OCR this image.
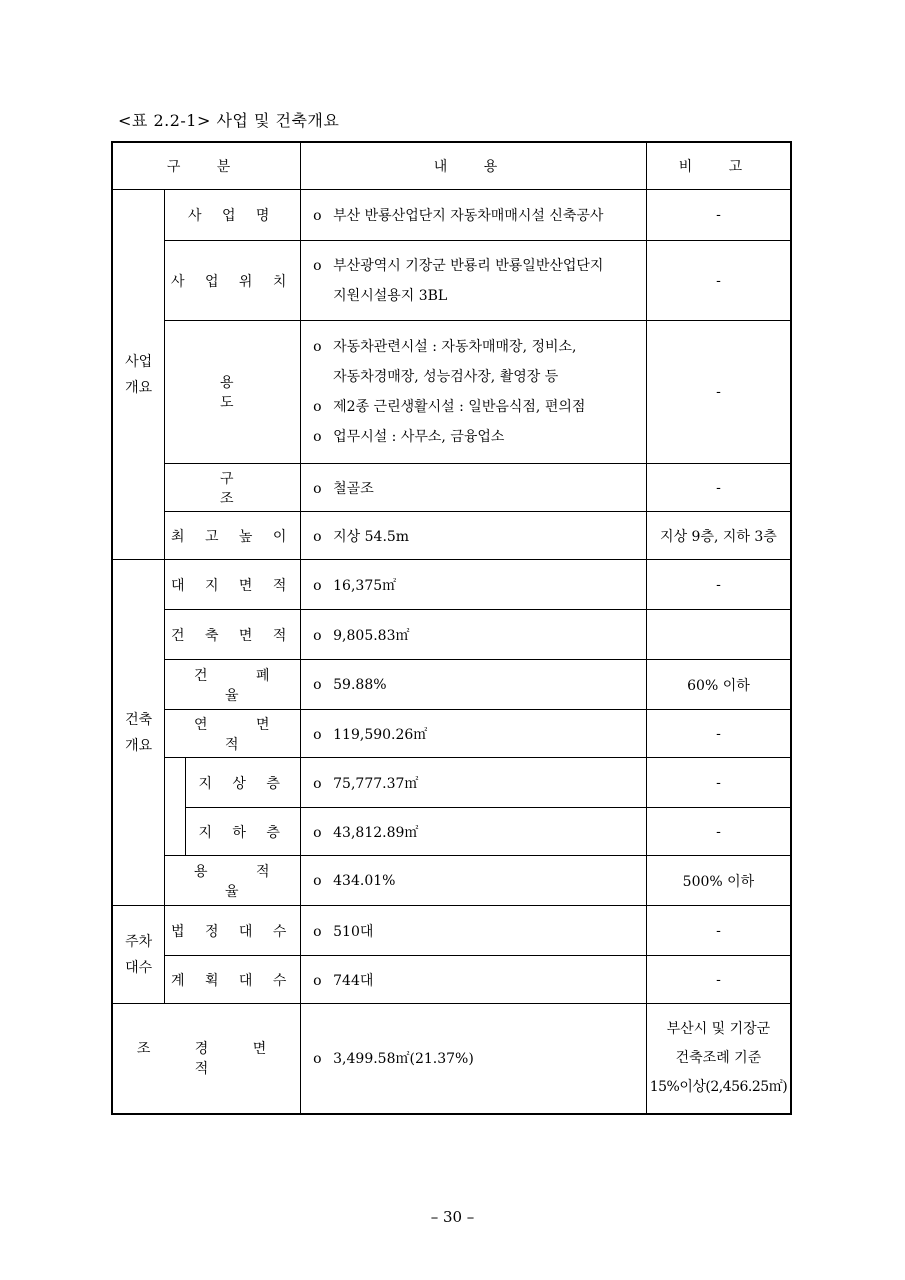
<표 2.2-1> 사업 및 건축개요
구 분			내 용	비 고
사업
개요	사 업 명		o 부산 반룡산업단지 자동차매매시설 신축공사	-
	사 업 위 치		o 부산광역시 기장군 반룡리 반룡일반산업단지
지원시설용지 3BL	-
	용 도		o 자동차관련시설 : 자동차매매장, 정비소,
자동차경매장, 성능검사장, 촬영장 등
o 제2종 근린생활시설 : 일반음식점, 편의점
o 업무시설 : 사무소, 금융업소	-
	구 조		o 철골조	-
	최 고 높 이		o 지상 54.5m	지상 9층, 지하 3층
건축
개요	대 지 면 적		o 16,375㎡	-
	건 축 면 적		o 9,805.83㎡	
	건 폐 율		o 59.88%	60% 이하
	연 면 적		o 119,590.26㎡	-
		지 상 층	o 75,777.37㎡	-
		지 하 층	o 43,812.89㎡	-
	용 적 율		o 434.01%	500% 이하
주차
대수	법 정 대 수		o 510대	-
	계 획 대 수		o 744대	-
조 경 면 적			o 3,499.58㎡(21.37%)	부산시 및 기장군
건축조례 기준
15%이상(2,456.25㎡)
– 30 –
